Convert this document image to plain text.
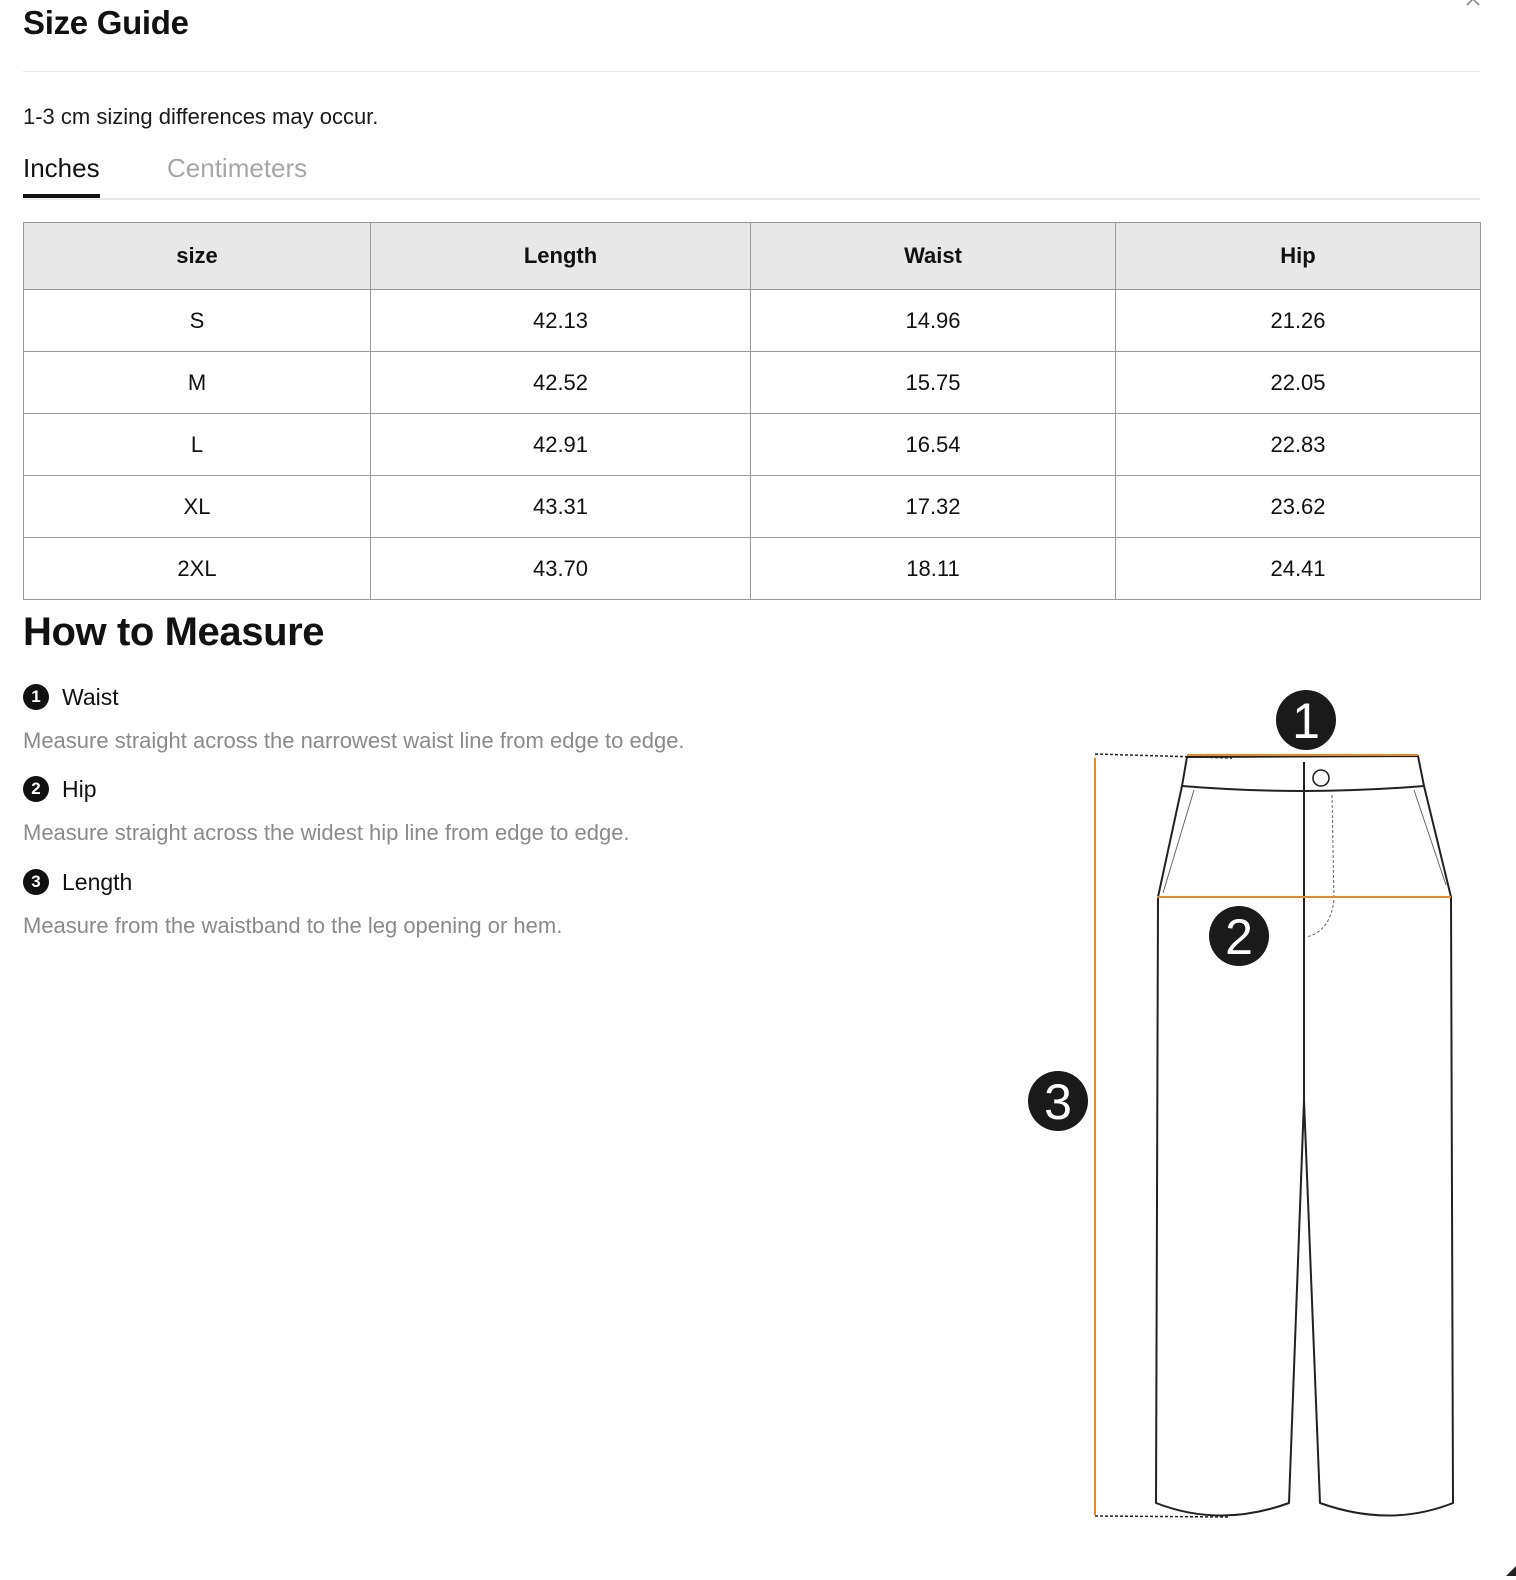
Size Guide
1-3 cm sizing differences may occur.
Inches	Centimeters
size	Length	Waist	Hip
S	42.13	14.96	21.26
M	42.52	15.75	22.05
L	42.91	16.54	22.83
XL	43.31	17.32	23.62
2XL	43.70	18.11	24.41
How to Measure
1 Waist
Measure straight across the narrowest waist line from edge to edge.
2 Hip
Measure straight across the widest hip line from edge to edge.
3 Length
Measure from the waistband to the leg opening or hem.
1
2
3
